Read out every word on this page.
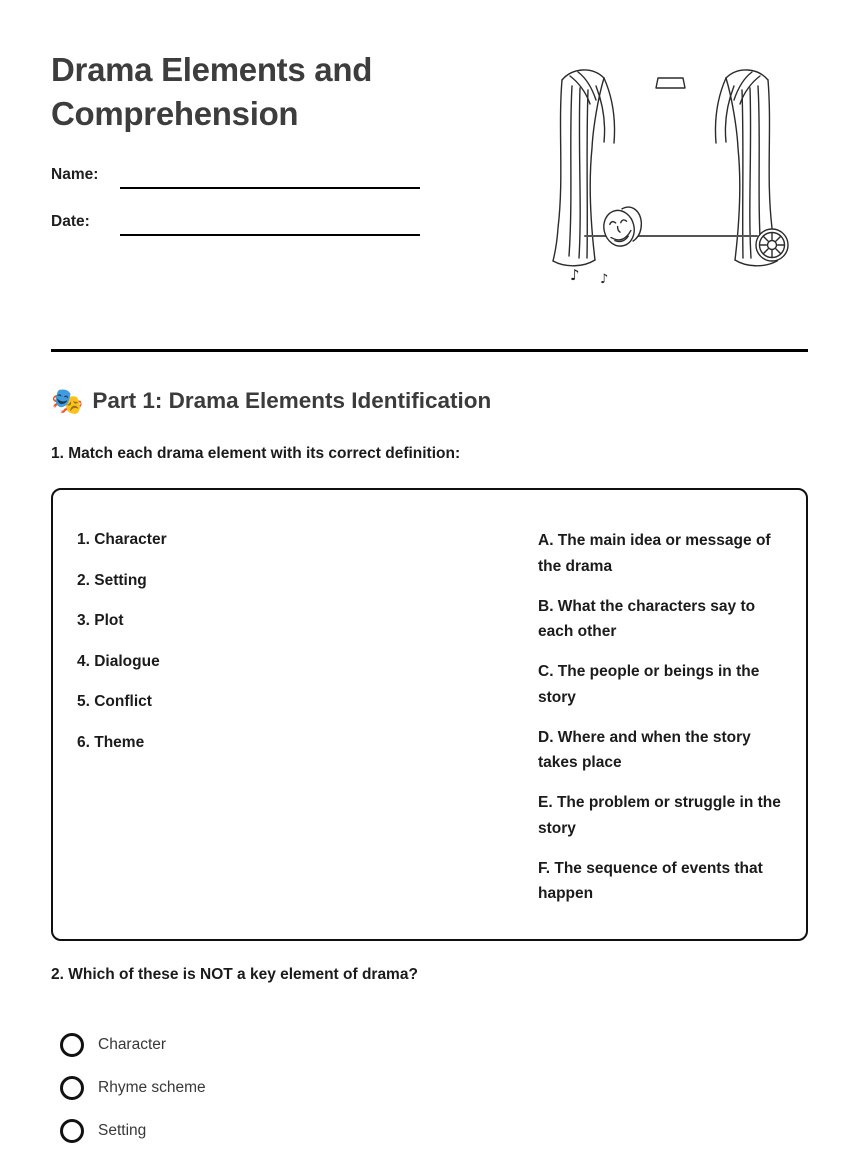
Drama Elements and Comprehension
Name:
Date:
♪ ♪
🎭 Part 1: Drama Elements Identification
1. Match each drama element with its correct definition:
1. Character
2. Setting
3. Plot
4. Dialogue
5. Conflict
6. Theme

A. The main idea or message of the drama

B. What the characters say to each other

C. The people or beings in the story

D. Where and when the story takes place

E. The problem or struggle in the story

F. The sequence of events that happen

2. Which of these is NOT a key element of drama?
Character
Rhyme scheme
Setting
